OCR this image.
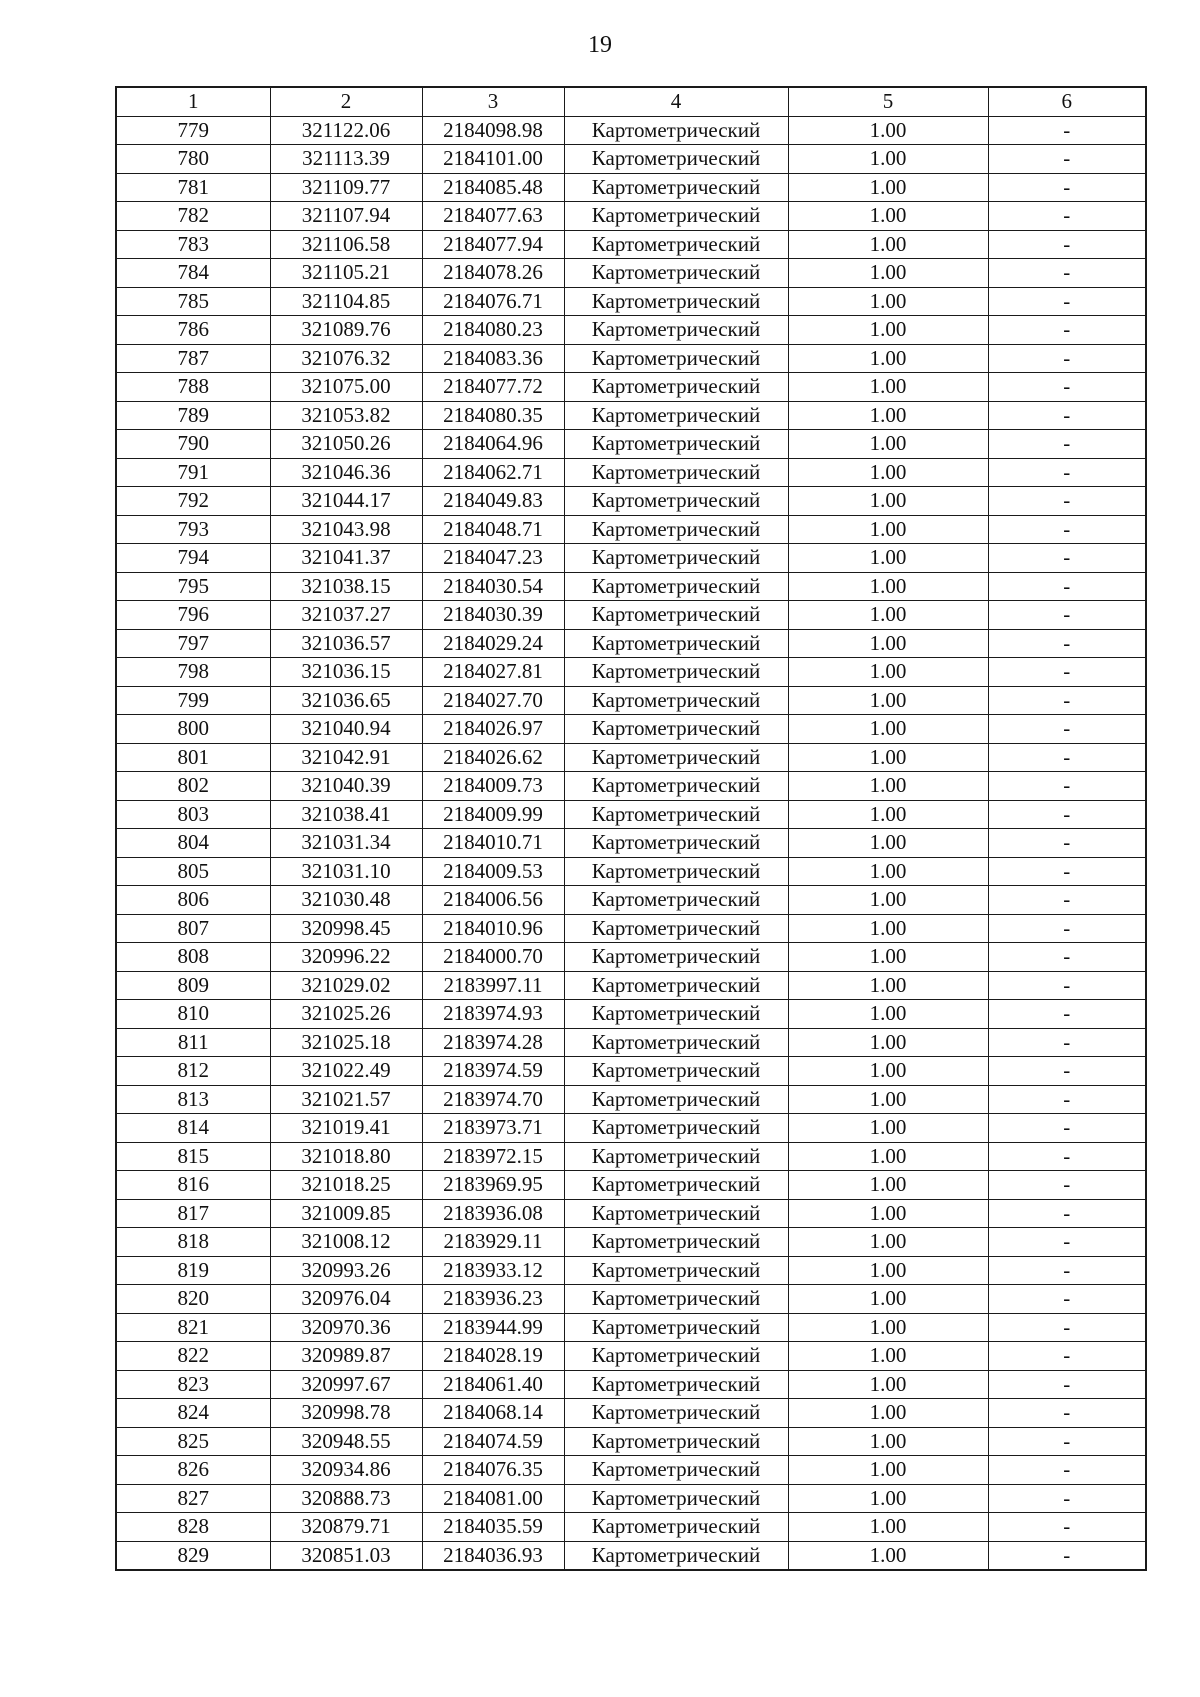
19
1	2	3	4	5	6
779	321122.06	2184098.98	Картометрический	1.00	-
780	321113.39	2184101.00	Картометрический	1.00	-
781	321109.77	2184085.48	Картометрический	1.00	-
782	321107.94	2184077.63	Картометрический	1.00	-
783	321106.58	2184077.94	Картометрический	1.00	-
784	321105.21	2184078.26	Картометрический	1.00	-
785	321104.85	2184076.71	Картометрический	1.00	-
786	321089.76	2184080.23	Картометрический	1.00	-
787	321076.32	2184083.36	Картометрический	1.00	-
788	321075.00	2184077.72	Картометрический	1.00	-
789	321053.82	2184080.35	Картометрический	1.00	-
790	321050.26	2184064.96	Картометрический	1.00	-
791	321046.36	2184062.71	Картометрический	1.00	-
792	321044.17	2184049.83	Картометрический	1.00	-
793	321043.98	2184048.71	Картометрический	1.00	-
794	321041.37	2184047.23	Картометрический	1.00	-
795	321038.15	2184030.54	Картометрический	1.00	-
796	321037.27	2184030.39	Картометрический	1.00	-
797	321036.57	2184029.24	Картометрический	1.00	-
798	321036.15	2184027.81	Картометрический	1.00	-
799	321036.65	2184027.70	Картометрический	1.00	-
800	321040.94	2184026.97	Картометрический	1.00	-
801	321042.91	2184026.62	Картометрический	1.00	-
802	321040.39	2184009.73	Картометрический	1.00	-
803	321038.41	2184009.99	Картометрический	1.00	-
804	321031.34	2184010.71	Картометрический	1.00	-
805	321031.10	2184009.53	Картометрический	1.00	-
806	321030.48	2184006.56	Картометрический	1.00	-
807	320998.45	2184010.96	Картометрический	1.00	-
808	320996.22	2184000.70	Картометрический	1.00	-
809	321029.02	2183997.11	Картометрический	1.00	-
810	321025.26	2183974.93	Картометрический	1.00	-
811	321025.18	2183974.28	Картометрический	1.00	-
812	321022.49	2183974.59	Картометрический	1.00	-
813	321021.57	2183974.70	Картометрический	1.00	-
814	321019.41	2183973.71	Картометрический	1.00	-
815	321018.80	2183972.15	Картометрический	1.00	-
816	321018.25	2183969.95	Картометрический	1.00	-
817	321009.85	2183936.08	Картометрический	1.00	-
818	321008.12	2183929.11	Картометрический	1.00	-
819	320993.26	2183933.12	Картометрический	1.00	-
820	320976.04	2183936.23	Картометрический	1.00	-
821	320970.36	2183944.99	Картометрический	1.00	-
822	320989.87	2184028.19	Картометрический	1.00	-
823	320997.67	2184061.40	Картометрический	1.00	-
824	320998.78	2184068.14	Картометрический	1.00	-
825	320948.55	2184074.59	Картометрический	1.00	-
826	320934.86	2184076.35	Картометрический	1.00	-
827	320888.73	2184081.00	Картометрический	1.00	-
828	320879.71	2184035.59	Картометрический	1.00	-
829	320851.03	2184036.93	Картометрический	1.00	-
